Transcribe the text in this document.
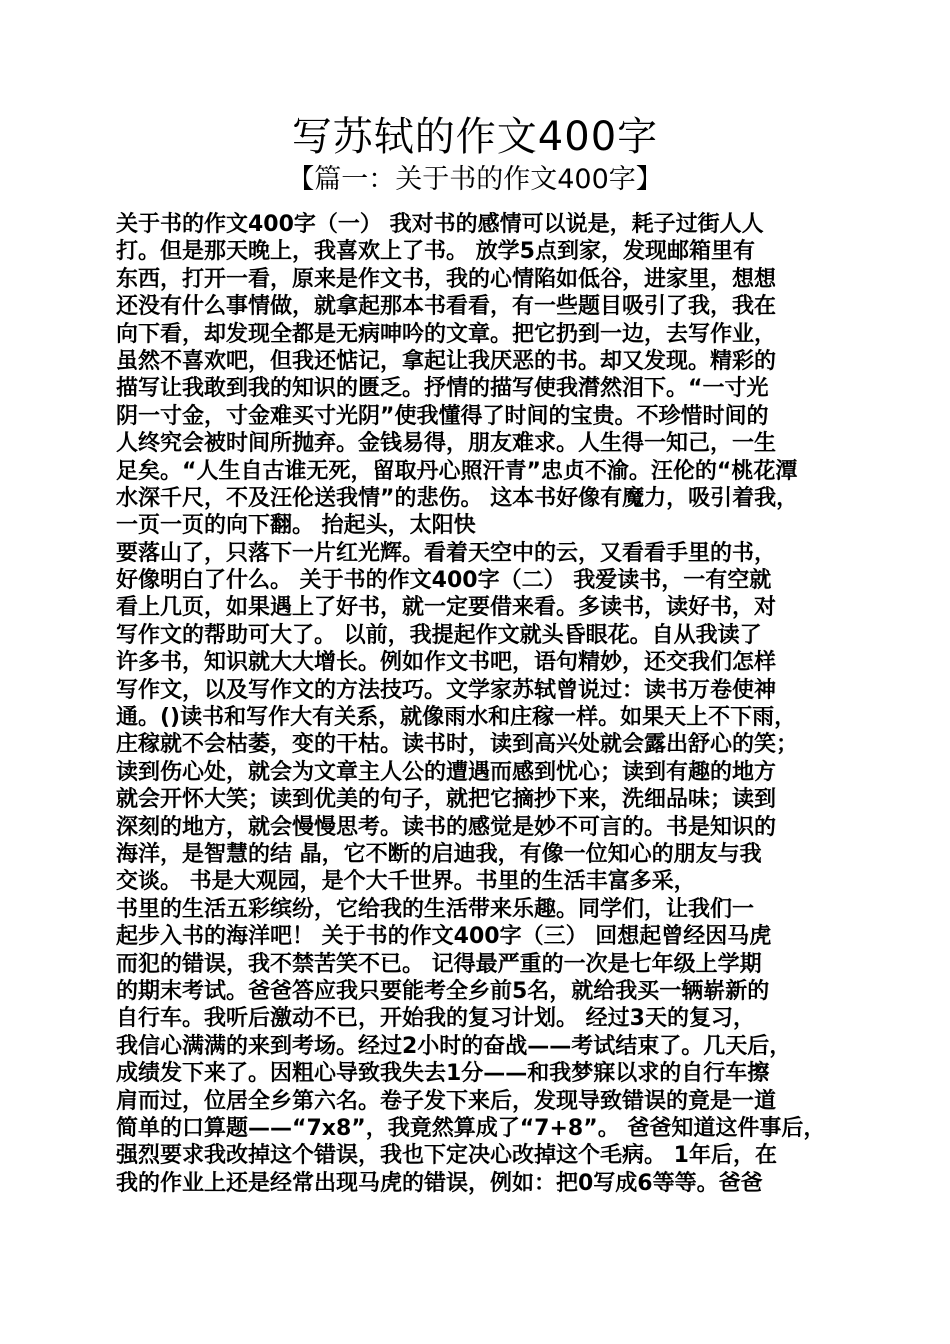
写苏轼的作文400字
【篇一：关于书的作文400字】
关于书的作文400字（一） 我对书的感情可以说是，耗子过街人人
打。但是那天晚上，我喜欢上了书。 放学5点到家，发现邮箱里有
东西，打开一看，原来是作文书，我的心情陷如低谷，进家里，想想
还没有什么事情做，就拿起那本书看看，有一些题目吸引了我，我在
向下看，却发现全都是无病呻吟的文章。把它扔到一边，去写作业，
虽然不喜欢吧，但我还惦记，拿起让我厌恶的书。却又发现。精彩的
描写让我敢到我的知识的匮乏。抒情的描写使我潸然泪下。“一寸光
阴一寸金，寸金难买寸光阴”使我懂得了时间的宝贵。不珍惜时间的
人终究会被时间所抛弃。金钱易得，朋友难求。人生得一知己，一生
足矣。“人生自古谁无死，留取丹心照汗青”忠贞不渝。汪伦的“桃花潭
水深千尺，不及汪伦送我情”的悲伤。 这本书好像有魔力，吸引着我，
一页一页的向下翻。 抬起头，太阳快
要落山了，只落下一片红光辉。看着天空中的云，又看看手里的书，
好像明白了什么。 关于书的作文400字（二） 我爱读书，一有空就
看上几页，如果遇上了好书，就一定要借来看。多读书，读好书，对
写作文的帮助可大了。 以前，我提起作文就头昏眼花。自从我读了
许多书，知识就大大增长。例如作文书吧，语句精妙，还交我们怎样
写作文，以及写作文的方法技巧。文学家苏轼曾说过：读书万卷使神
通。()读书和写作大有关系，就像雨水和庄稼一样。如果天上不下雨，
庄稼就不会枯萎，变的干枯。读书时，读到高兴处就会露出舒心的笑；
读到伤心处，就会为文章主人公的遭遇而感到忧心；读到有趣的地方
就会开怀大笑；读到优美的句子，就把它摘抄下来，洗细品味；读到
深刻的地方，就会慢慢思考。读书的感觉是妙不可言的。书是知识的
海洋，是智慧的结 晶，它不断的启迪我，有像一位知心的朋友与我
交谈。 书是大观园，是个大千世界。书里的生活丰富多采，
书里的生活五彩缤纷，它给我的生活带来乐趣。同学们，让我们一
起步入书的海洋吧！ 关于书的作文400字（三） 回想起曾经因马虎
而犯的错误，我不禁苦笑不已。 记得最严重的一次是七年级上学期
的期末考试。爸爸答应我只要能考全乡前5名，就给我买一辆崭新的
自行车。我听后激动不已，开始我的复习计划。 经过3天的复习，
我信心满满的来到考场。经过2小时的奋战——考试结束了。几天后，
成绩发下来了。因粗心导致我失去1分——和我梦寐以求的自行车擦
肩而过，位居全乡第六名。卷子发下来后，发现导致错误的竟是一道
简单的口算题——“7x8”，我竟然算成了“7+8”。 爸爸知道这件事后，
强烈要求我改掉这个错误，我也下定决心改掉这个毛病。 1年后，在
我的作业上还是经常出现马虎的错误，例如：把0写成6等等。爸爸
